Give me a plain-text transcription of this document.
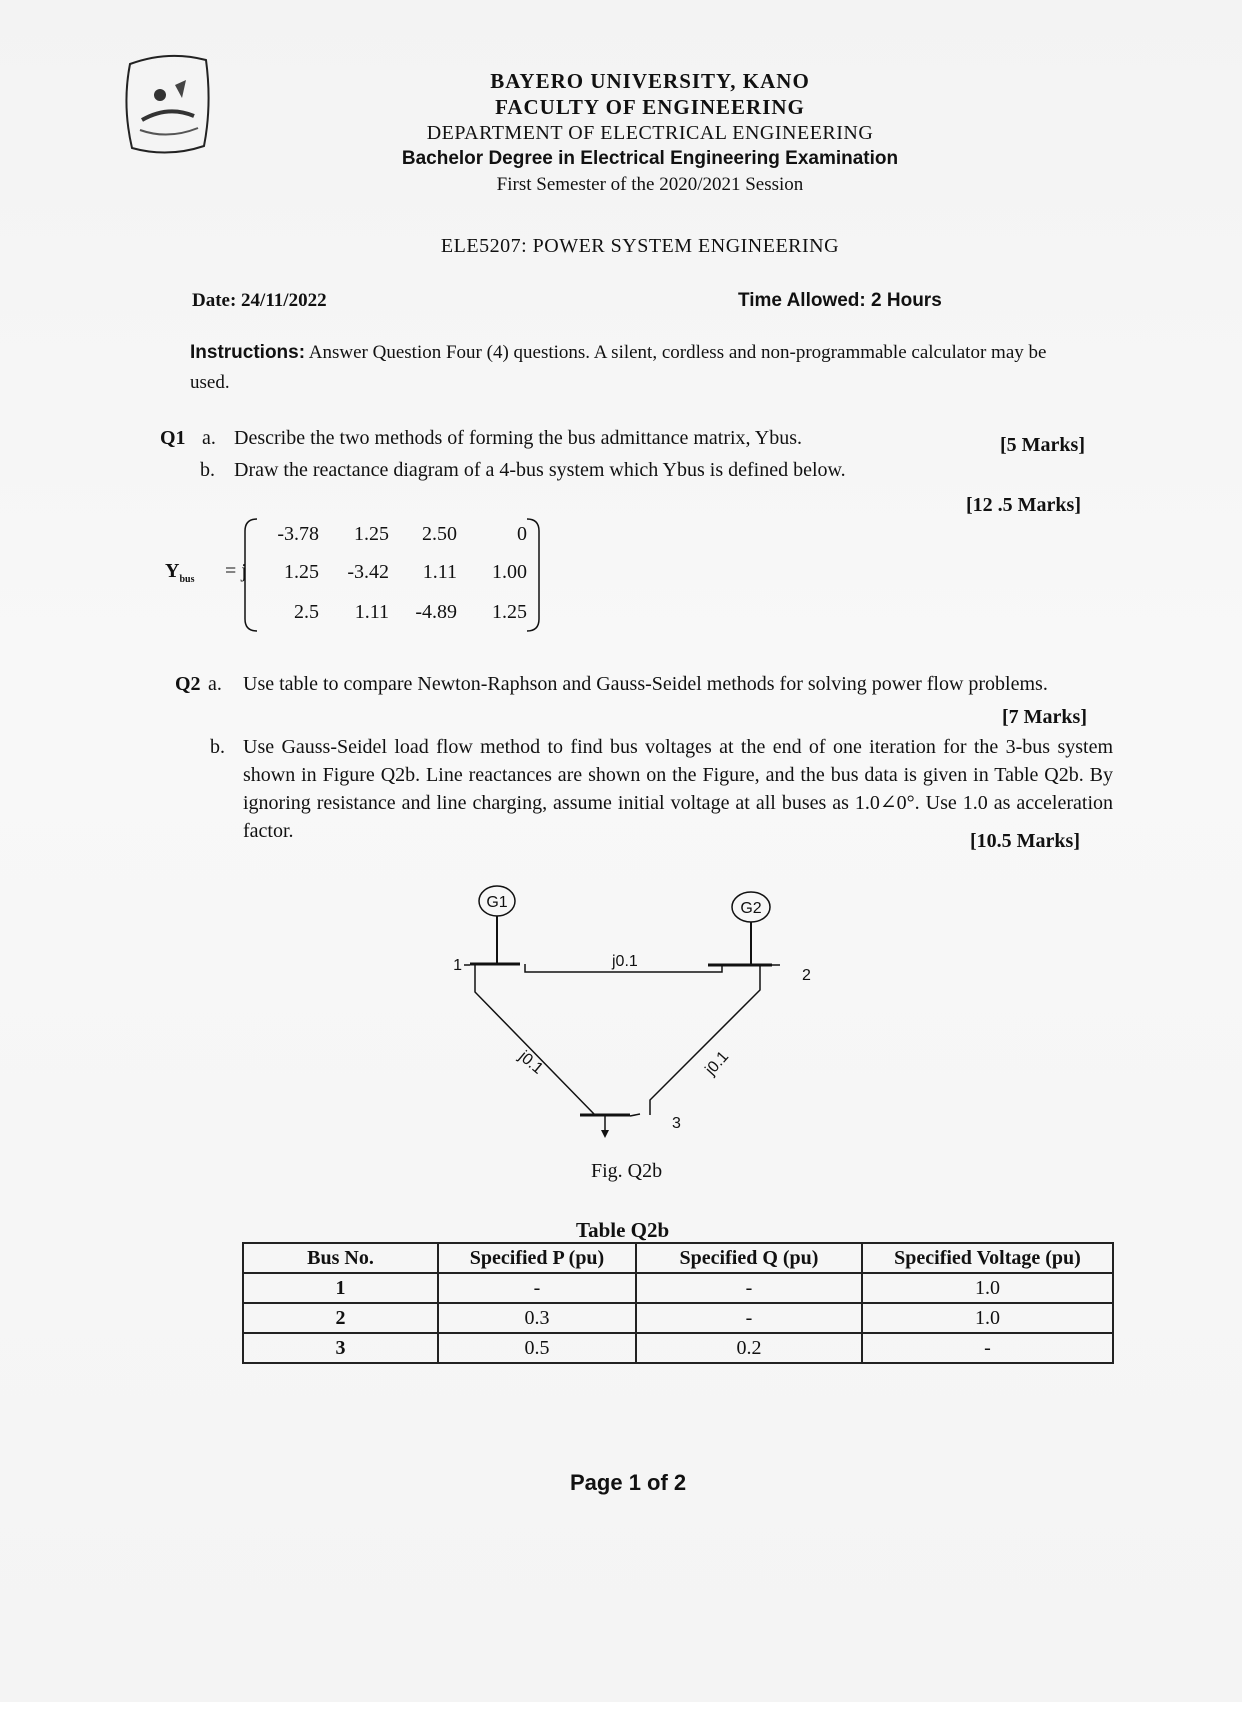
BAYERO UNIVERSITY, KANO
FACULTY OF ENGINEERING
DEPARTMENT OF ELECTRICAL ENGINEERING
Bachelor Degree in Electrical Engineering Examination
First Semester of the 2020/2021 Session
ELE5207: POWER SYSTEM ENGINEERING
Date: 24/11/2022	Time Allowed: 2 Hours
Instructions: Answer Question Four (4) questions. A silent, cordless and non-programmable calculator may be used.
Q1 a. Describe the two methods of forming the bus admittance matrix, Ybus.	[5 Marks]
b. Draw the reactance diagram of a 4-bus system which Ybus is defined below.
[12 .5 Marks]
$Y_{bus} = j$
-3.78	1.25	2.50	0
1.25	-3.42	1.11	1.00
2.5	1.11	-4.89	1.25
Q2 a. Use table to compare Newton-Raphson and Gauss-Seidel methods for solving power flow problems.
[7 Marks]
b. Use Gauss-Seidel load flow method to find bus voltages at the end of one iteration for the 3-bus system shown in Figure Q2b. Line reactances are shown on the Figure, and the bus data is given in Table Q2b. By ignoring resistance and line charging, assume initial voltage at all buses as 1.0∠0°. Use 1.0 as acceleration factor.	[10.5 Marks]
G1	G2
1
2
3
j0.1
j0.1	j0.1
Fig. Q2b
Table Q2b
Bus No.	Specified P (pu)	Specified Q (pu)	Specified Voltage (pu)
1	-	-	1.0
2	0.3	-	1.0
3	0.5	0.2	-
Page 1 of 2
